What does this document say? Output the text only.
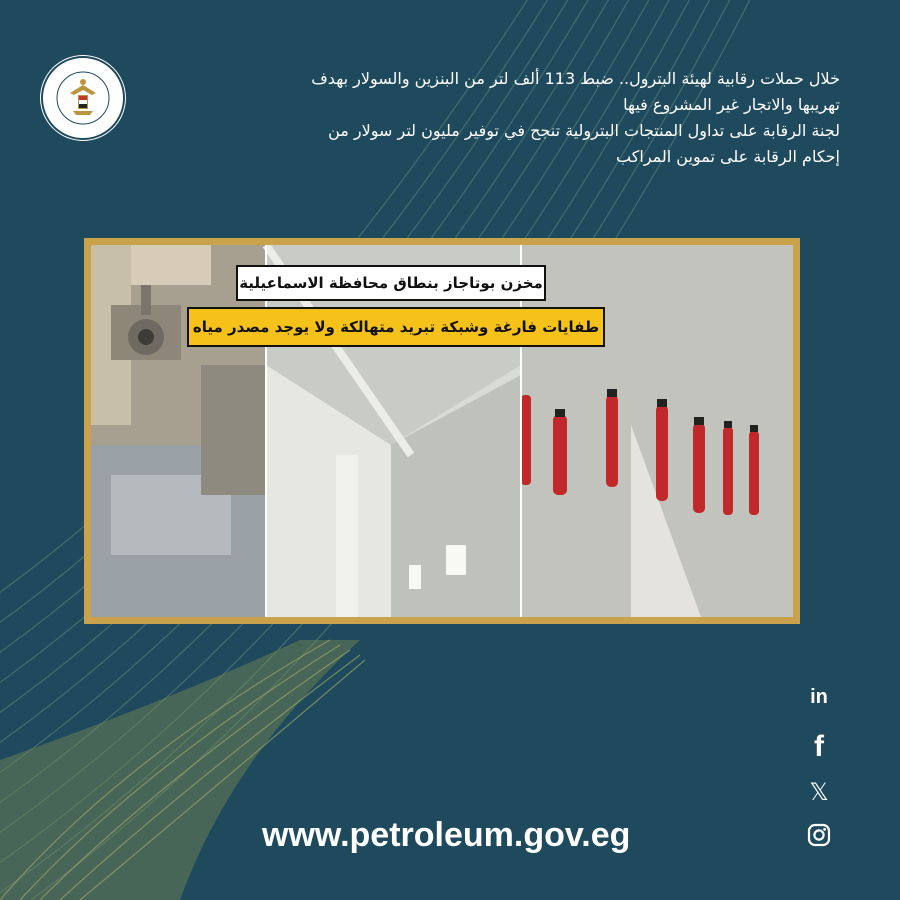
خلال حملات رقابية لهيئة البترول.. ضبط 113 ألف لتر من البنزين والسولار بهدف
تهريبها والاتجار غير المشروع فيها
لجنة الرقابة على تداول المنتجات البترولية تنجح في توفير مليون لتر سولار من
إحكام الرقابة على تموين المراكب
مخزن بوتاجاز بنطاق محافظة الاسماعيلية
طفايات فارغة وشبكة تبريد متهالكة ولا يوجد مصدر مياه
in
f
𝕏
www.petroleum.gov.eg
